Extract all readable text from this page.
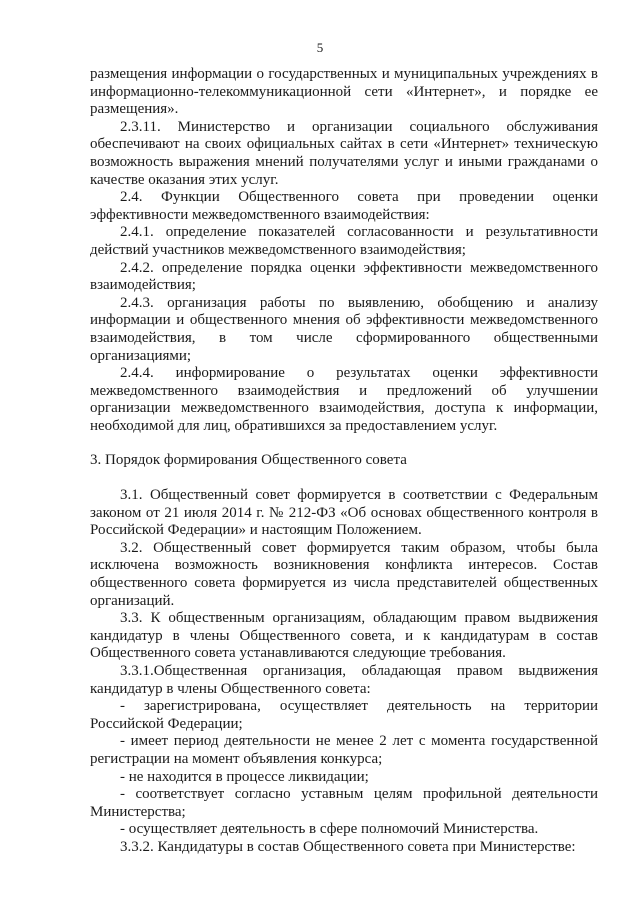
5

размещения информации о государственных и муниципальных учреждениях в информационно-телекоммуникационной сети «Интернет», и порядке ее размещения».

2.3.11. Министерство и организации социального обслуживания обеспечивают на своих официальных сайтах в сети «Интернет» техническую возможность выражения мнений получателями услуг и иными гражданами о качестве оказания этих услуг.

2.4. Функции Общественного совета при проведении оценки эффективности межведомственного взаимодействия:

2.4.1. определение показателей согласованности и результативности действий участников межведомственного взаимодействия;

2.4.2. определение порядка оценки эффективности межведомственного взаимодействия;

2.4.3. организация работы по выявлению, обобщению и анализу информации и общественного мнения об эффективности межведомственного взаимодействия, в том числе сформированного общественными организациями;

2.4.4. информирование о результатах оценки эффективности межведомственного взаимодействия и предложений об улучшении организации межведомственного взаимодействия, доступа к информации, необходимой для лиц, обратившихся за предоставлением услуг.

3. Порядок формирования Общественного совета

3.1. Общественный совет формируется в соответствии с Федеральным законом от 21 июля 2014 г. № 212-ФЗ «Об основах общественного контроля в Российской Федерации» и настоящим Положением.

3.2. Общественный совет формируется таким образом, чтобы была исключена возможность возникновения конфликта интересов. Состав общественного совета формируется из числа представителей общественных организаций.

3.3. К общественным организациям, обладающим правом выдвижения кандидатур в члены Общественного совета, и к кандидатурам в состав Общественного совета устанавливаются следующие требования.

3.3.1.Общественная организация, обладающая правом выдвижения кандидатур в члены Общественного совета:

- зарегистрирована, осуществляет деятельность на территории Российской Федерации;

- имеет период деятельности не менее 2 лет с момента государственной регистрации на момент объявления конкурса;

- не находится в процессе ликвидации;

- соответствует согласно уставным целям профильной деятельности Министерства;

- осуществляет деятельность в сфере полномочий Министерства.

3.3.2. Кандидатуры в состав Общественного совета при Министерстве:
